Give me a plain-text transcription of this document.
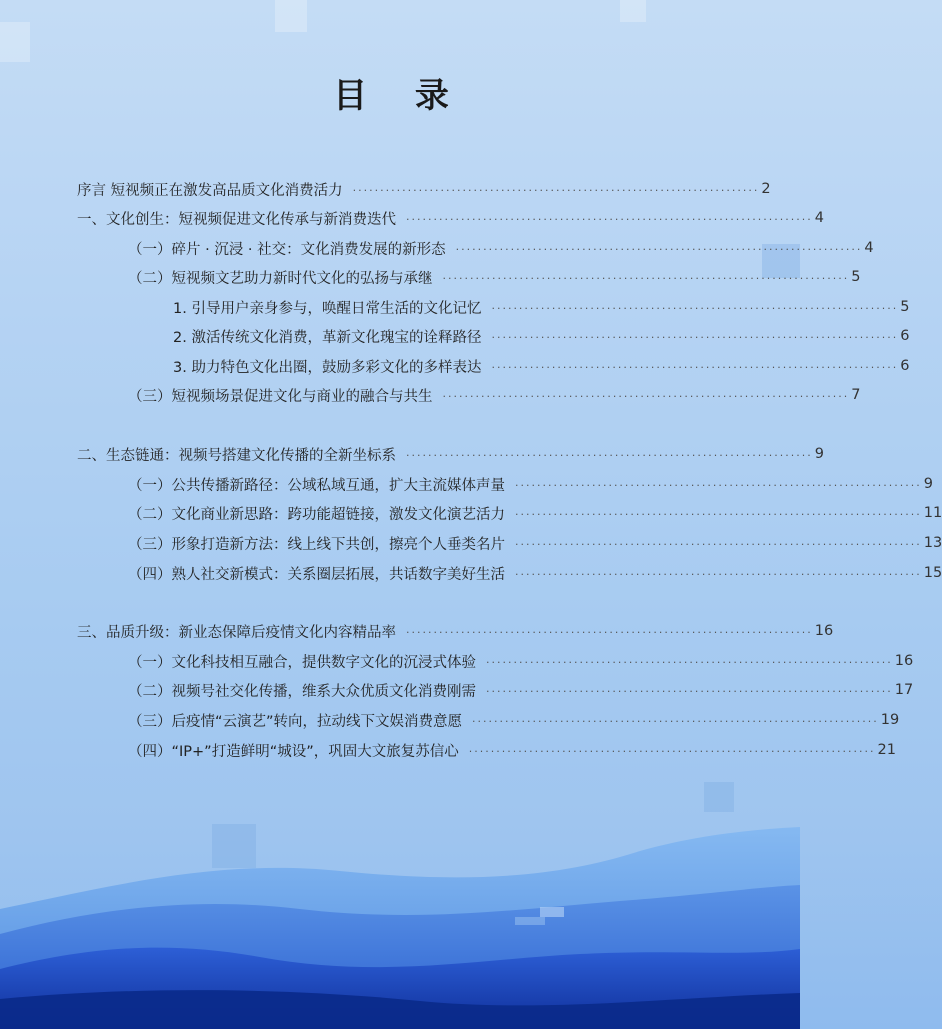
目 录
序言 短视频正在激发高品质文化消费活力 ·········································································· 2
一、文化创生：短视频促进文化传承与新消费迭代 ·········································································· 4
（一）碎片 · 沉浸 · 社交：文化消费发展的新形态 ·········································································· 4
（二）短视频文艺助力新时代文化的弘扬与承继 ·········································································· 5
1. 引导用户亲身参与，唤醒日常生活的文化记忆 ·········································································· 5
2. 激活传统文化消费，革新文化瑰宝的诠释路径 ·········································································· 6
3. 助力特色文化出圈，鼓励多彩文化的多样表达 ·········································································· 6
（三）短视频场景促进文化与商业的融合与共生 ·········································································· 7
二、生态链通：视频号搭建文化传播的全新坐标系 ·········································································· 9
（一）公共传播新路径：公域私域互通，扩大主流媒体声量 ·········································································· 9
（二）文化商业新思路：跨功能超链接，激发文化演艺活力 ·········································································· 11
（三）形象打造新方法：线上线下共创，擦亮个人垂类名片 ·········································································· 13
（四）熟人社交新模式：关系圈层拓展，共话数字美好生活 ·········································································· 15
三、品质升级：新业态保障后疫情文化内容精品率 ·········································································· 16
（一）文化科技相互融合，提供数字文化的沉浸式体验 ·········································································· 16
（二）视频号社交化传播，维系大众优质文化消费刚需 ·········································································· 17
（三）后疫情“云演艺”转向，拉动线下文娱消费意愿 ·········································································· 19
（四）“IP+”打造鲜明“城设”，巩固大文旅复苏信心 ·········································································· 21
